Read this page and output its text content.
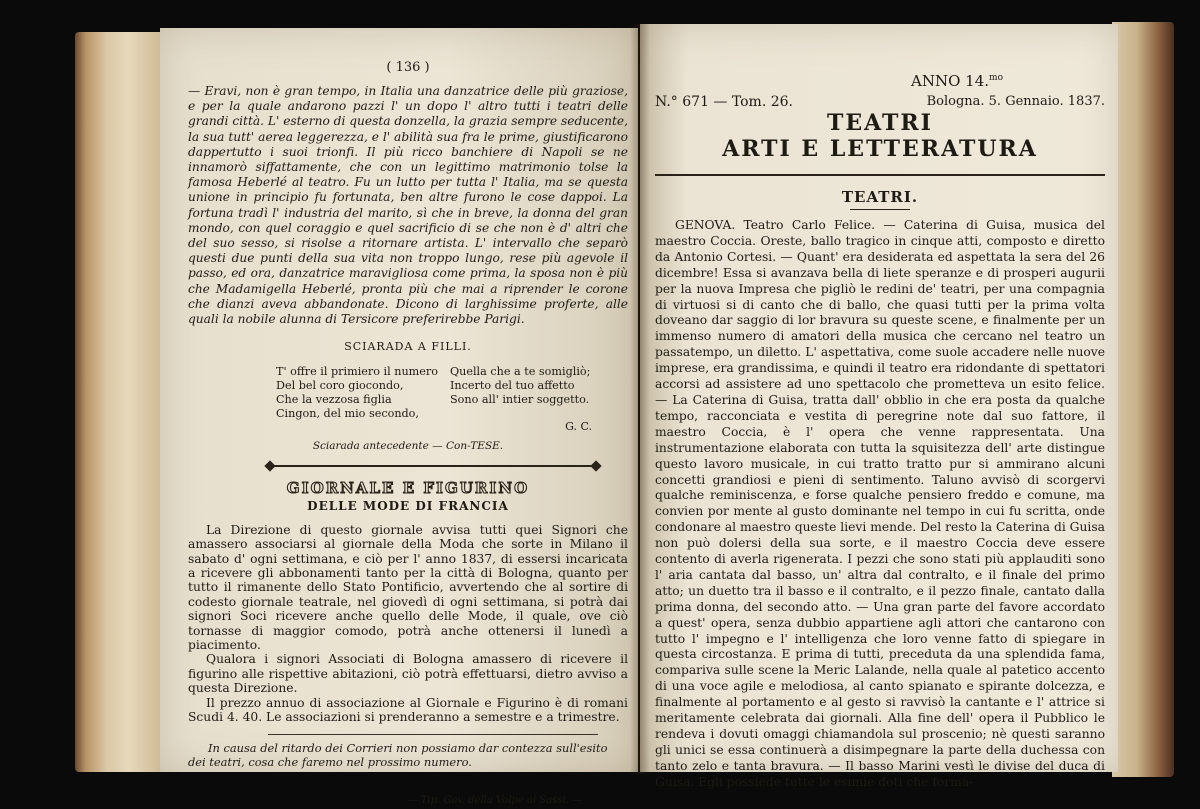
( 136 )

— Eravi, non è gran tempo, in Italia una danzatrice delle più graziose, e per la quale andarono pazzi l' un dopo l' altro tutti i teatri delle grandi città. L' esterno di questa donzella, la grazia sempre seducente, la sua tutt' aerea leggerezza, e l' abilità sua fra le prime, giustificarono dappertutto i suoi trionfi. Il più ricco banchiere di Napoli se ne innamorò siffattamente, che con un legittimo matrimonio tolse la famosa Heberlé al teatro. Fu un lutto per tutta l' Italia, ma se questa unione in principio fu fortunata, ben altre furono le cose dappoi. La fortuna tradì l' industria del marito, sì che in breve, la donna del gran mondo, con quel coraggio e quel sacrificio di se che non è d' altri che del suo sesso, si risolse a ritornare artista. L' intervallo che separò questi due punti della sua vita non troppo lungo, rese più agevole il passo, ed ora, danzatrice maravigliosa come prima, la sposa non è più che Madamigella Heberlé, pronta più che mai a riprender le corone che dianzi aveva abbandonate. Dicono di larghissime proferte, alle quali la nobile alunna di Tersicore preferirebbe Parigi.

SCIARADA A FILLI.
T' offre il primiero il numero
Del bel coro giocondo,
Che la vezzosa figlia
Cingon, del mio secondo,
Quella che a te somigliò;
Incerto del tuo affetto
Sono all' intier soggetto.
G. C.
Sciarada antecedente — Con-TESE.
GIORNALE E FIGURINO
DELLE MODE DI FRANCIA

La Direzione di questo giornale avvisa tutti quei Signori che amassero associarsi al giornale della Moda che sorte in Milano il sabato d' ogni settimana, e ciò per l' anno 1837, di essersi incaricata a ricevere gli abbonamenti tanto per la città di Bologna, quanto per tutto il rimanente dello Stato Pontificio, avvertendo che al sortire di codesto giornale teatrale, nel giovedì di ogni settimana, si potrà dai signori Soci ricevere anche quello delle Mode, il quale, ove ciò tornasse di maggior comodo, potrà anche ottenersi il lunedì a piacimento.

Qualora i signori Associati di Bologna amassero di ricevere il figurino alle rispettive abitazioni, ciò potrà effettuarsi, dietro avviso a questa Direzione.

Il prezzo annuo di associazione al Giornale e Figurino è di romani Scudi 4. 40. Le associazioni si prenderanno a semestre e a trimestre.

In causa del ritardo dei Corrieri non possiamo dar contezza sull'esito dei teatri, cosa che faremo nel prossimo numero.
— Tip. Gov. della Volpe al Sassi. —
ANNO 14.$^{mo}$
N.° 671 — Tom. 26.	Bologna. 5. Gennaio. 1837.
TEATRI
ARTI E LETTERATURA
TEATRI.

GENOVA. Teatro Carlo Felice. — Caterina di Guisa, musica del maestro Coccia. Oreste, ballo tragico in cinque atti, composto e diretto da Antonio Cortesi. — Quant' era desiderata ed aspettata la sera del 26 dicembre! Essa si avanzava bella di liete speranze e di prosperi augurii per la nuova Impresa che pigliò le redini de' teatri, per una compagnia di virtuosi si di canto che di ballo, che quasi tutti per la prima volta doveano dar saggio di lor bravura su queste scene, e finalmente per un immenso numero di amatori della musica che cercano nel teatro un passatempo, un diletto. L' aspettativa, come suole accadere nelle nuove imprese, era grandissima, e quindi il teatro era ridondante di spettatori accorsi ad assistere ad uno spettacolo che prometteva un esito felice. — La Caterina di Guisa, tratta dall' obblio in che era posta da qualche tempo, racconciata e vestita di peregrine note dal suo fattore, il maestro Coccia, è l' opera che venne rappresentata. Una instrumentazione elaborata con tutta la squisitezza dell' arte distingue questo lavoro musicale, in cui tratto tratto pur si ammirano alcuni concetti grandiosi e pieni di sentimento. Taluno avvisò di scorgervi qualche reminiscenza, e forse qualche pensiero freddo e comune, ma convien por mente al gusto dominante nel tempo in cui fu scritta, onde condonare al maestro queste lievi mende. Del resto la Caterina di Guisa non può dolersi della sua sorte, e il maestro Coccia deve essere contento di averla rigenerata. I pezzi che sono stati più applauditi sono l' aria cantata dal basso, un' altra dal contralto, e il finale del primo atto; un duetto tra il basso e il contralto, e il pezzo finale, cantato dalla prima donna, del secondo atto. — Una gran parte del favore accordato a quest' opera, senza dubbio appartiene agli attori che cantarono con tutto l' impegno e l' intelligenza che loro venne fatto di spiegare in questa circostanza. E prima di tutti, preceduta da una splendida fama, compariva sulle scene la Meric Lalande, nella quale al patetico accento di una voce agile e melodiosa, al canto spianato e spirante dolcezza, e finalmente al portamento e al gesto si ravvisò la cantante e l' attrice si meritamente celebrata dai giornali. Alla fine dell' opera il Pubblico le rendeva i dovuti omaggi chiamandola sul proscenio; nè questi saranno gli unici se essa continuerà a disimpegnare la parte della duchessa con tanto zelo e tanta bravura. — Il basso Marini vestì le divise del duca di Guisa. Egli possiede tutte le esimie doti che forma-
